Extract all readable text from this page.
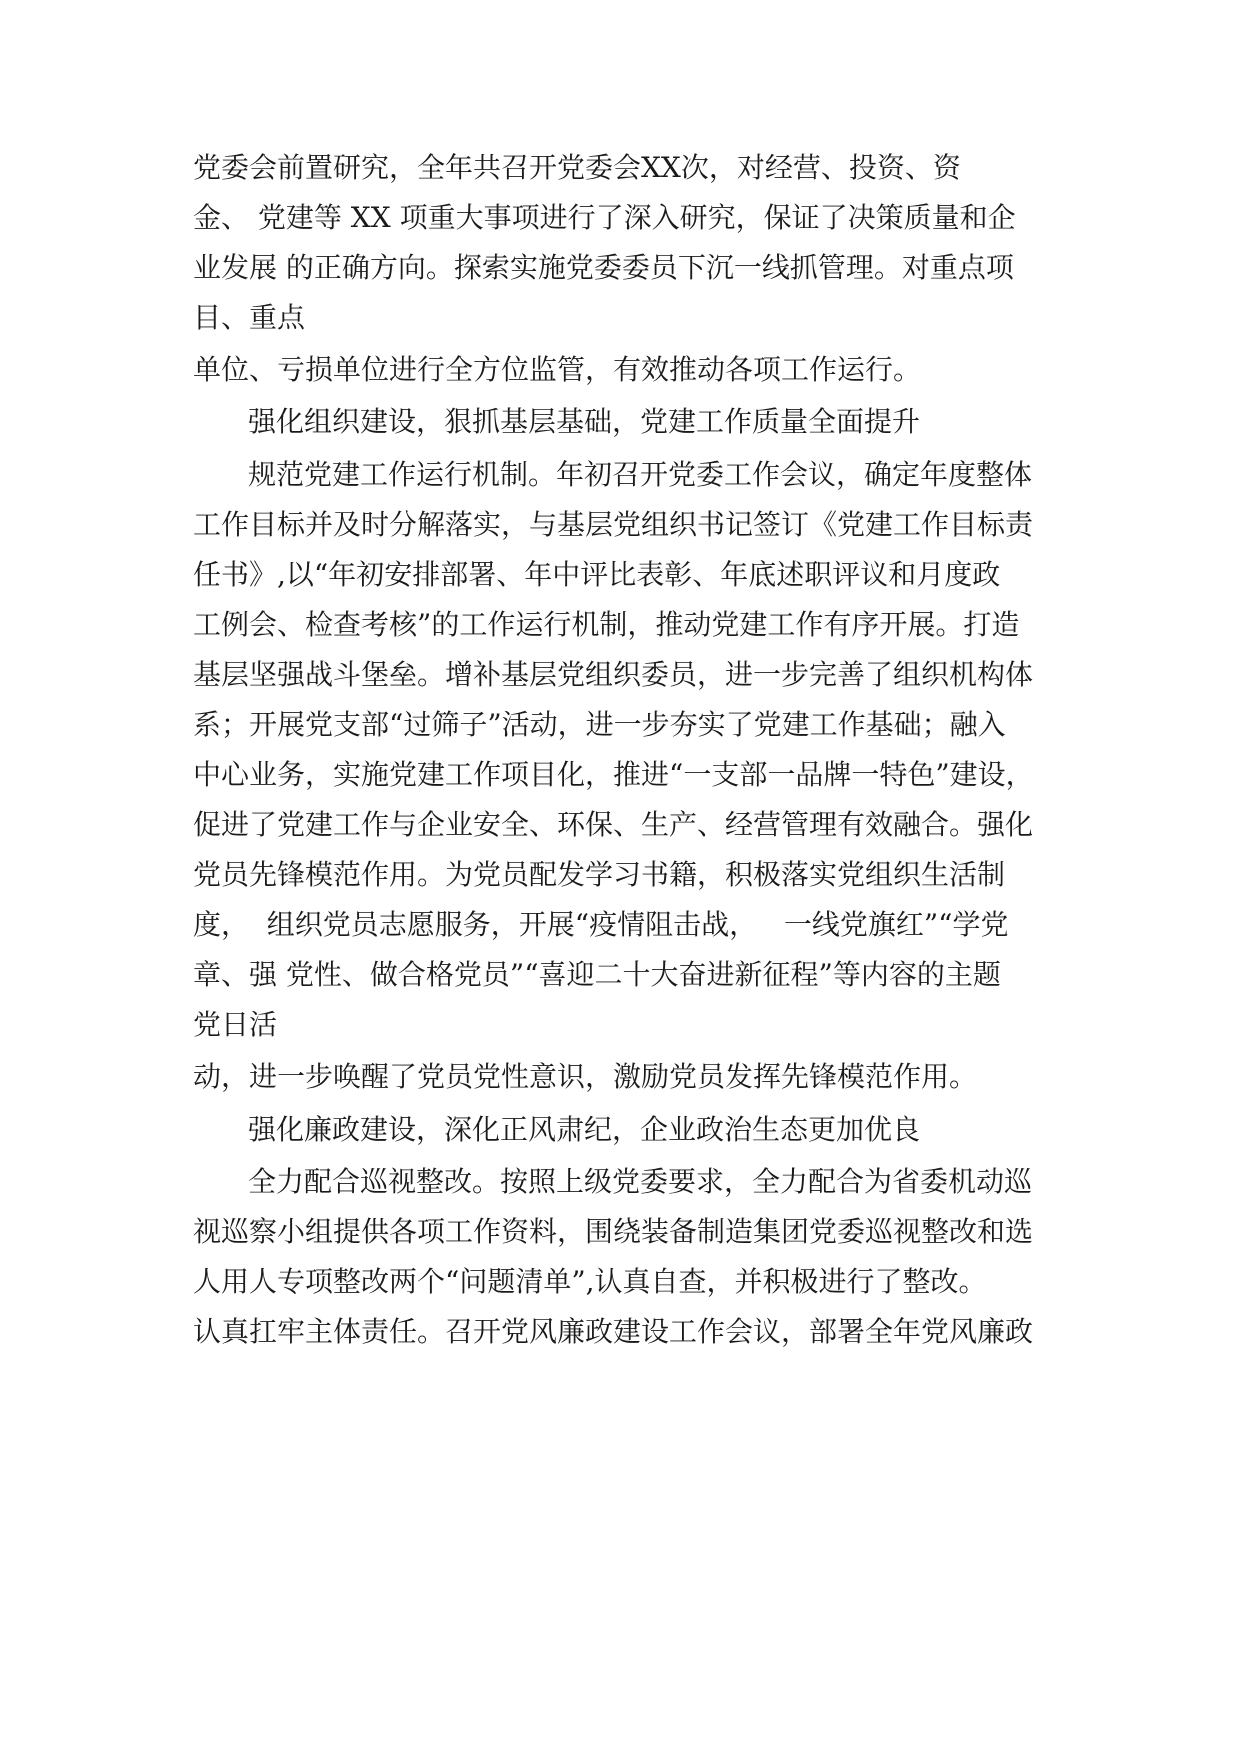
党委会前置研究，全年共召开党委会XX次，对经营、投资、资
金、 党建等 XX 项重大事项进行了深入研究，保证了决策质量和企
业发展 的正确方向。探索实施党委委员下沉一线抓管理。对重点项
目、重点
单位、亏损单位进行全方位监管，有效推动各项工作运行。
强化组织建设，狠抓基层基础，党建工作质量全面提升
规范党建工作运行机制。年初召开党委工作会议，确定年度整体
工作目标并及时分解落实，与基层党组织书记签订《党建工作目标责
任书》,以“年初安排部署、年中评比表彰、年底述职评议和月度政
工例会、检查考核”的工作运行机制，推动党建工作有序开展。打造
基层坚强战斗堡垒。增补基层党组织委员，进一步完善了组织机构体
系；开展党支部“过筛子”活动，进一步夯实了党建工作基础；融入
中心业务，实施党建工作项目化，推进“一支部一品牌一特色”建设，
促进了党建工作与企业安全、环保、生产、经营管理有效融合。强化
党员先锋模范作用。为党员配发学习书籍，积极落实党组织生活制
度，  组织党员志愿服务，开展“疫情阻击战，   一线党旗红”“学党
章、强 党性、做合格党员”“喜迎二十大奋进新征程”等内容的主题
党日活
动，进一步唤醒了党员党性意识，激励党员发挥先锋模范作用。
强化廉政建设，深化正风肃纪，企业政治生态更加优良
全力配合巡视整改。按照上级党委要求，全力配合为省委机动巡
视巡察小组提供各项工作资料，围绕装备制造集团党委巡视整改和选
人用人专项整改两个“问题清单”,认真自查，并积极进行了整改。
认真扛牢主体责任。召开党风廉政建设工作会议，部署全年党风廉政
